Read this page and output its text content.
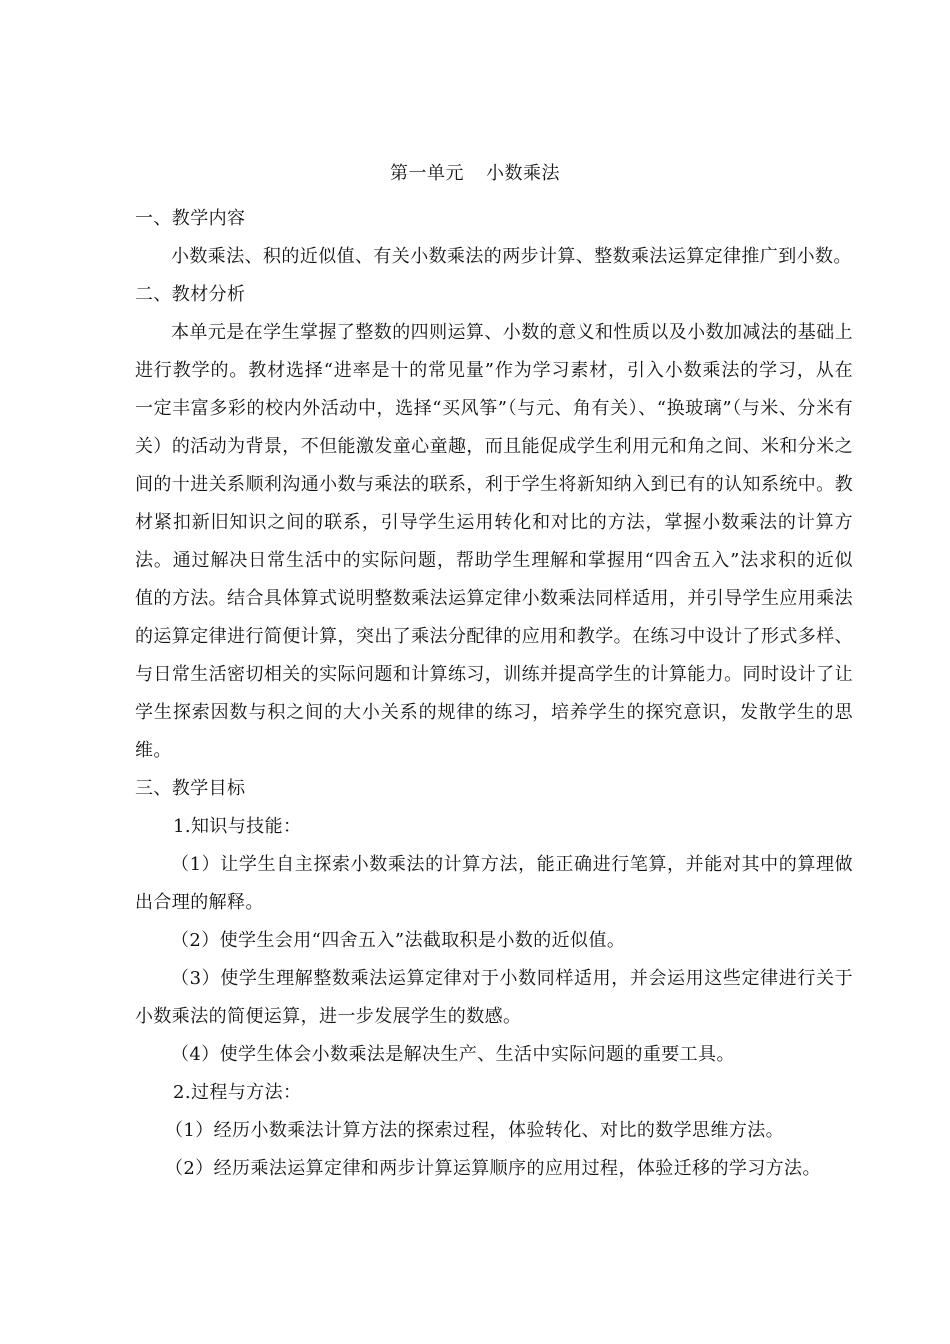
第一单元 小数乘法

一、教学内容

小数乘法、积的近似值、有关小数乘法的两步计算、整数乘法运算定律推广到小数。

二、教材分析

本单元是在学生掌握了整数的四则运算、小数的意义和性质以及小数加减法的基础上进行教学的。教材选择“进率是十的常见量”作为学习素材，引入小数乘法的学习，从在一定丰富多彩的校内外活动中，选择“买风筝”（与元、角有关）、“换玻璃”（与米、分米有关）的活动为背景，不但能激发童心童趣，而且能促成学生利用元和角之间、米和分米之间的十进关系顺利沟通小数与乘法的联系，利于学生将新知纳入到已有的认知系统中。教材紧扣新旧知识之间的联系，引导学生运用转化和对比的方法，掌握小数乘法的计算方法。通过解决日常生活中的实际问题，帮助学生理解和掌握用“四舍五入”法求积的近似值的方法。结合具体算式说明整数乘法运算定律小数乘法同样适用，并引导学生应用乘法的运算定律进行简便计算，突出了乘法分配律的应用和教学。在练习中设计了形式多样、与日常生活密切相关的实际问题和计算练习，训练并提高学生的计算能力。同时设计了让学生探索因数与积之间的大小关系的规律的练习，培养学生的探究意识，发散学生的思维。

三、教学目标

1.知识与技能：

（1）让学生自主探索小数乘法的计算方法，能正确进行笔算，并能对其中的算理做出合理的解释。

（2）使学生会用“四舍五入”法截取积是小数的近似值。

（3）使学生理解整数乘法运算定律对于小数同样适用，并会运用这些定律进行关于小数乘法的简便运算，进一步发展学生的数感。

（4）使学生体会小数乘法是解决生产、生活中实际问题的重要工具。

2.过程与方法：

（1）经历小数乘法计算方法的探索过程，体验转化、对比的数学思维方法。

（2）经历乘法运算定律和两步计算运算顺序的应用过程，体验迁移的学习方法。
